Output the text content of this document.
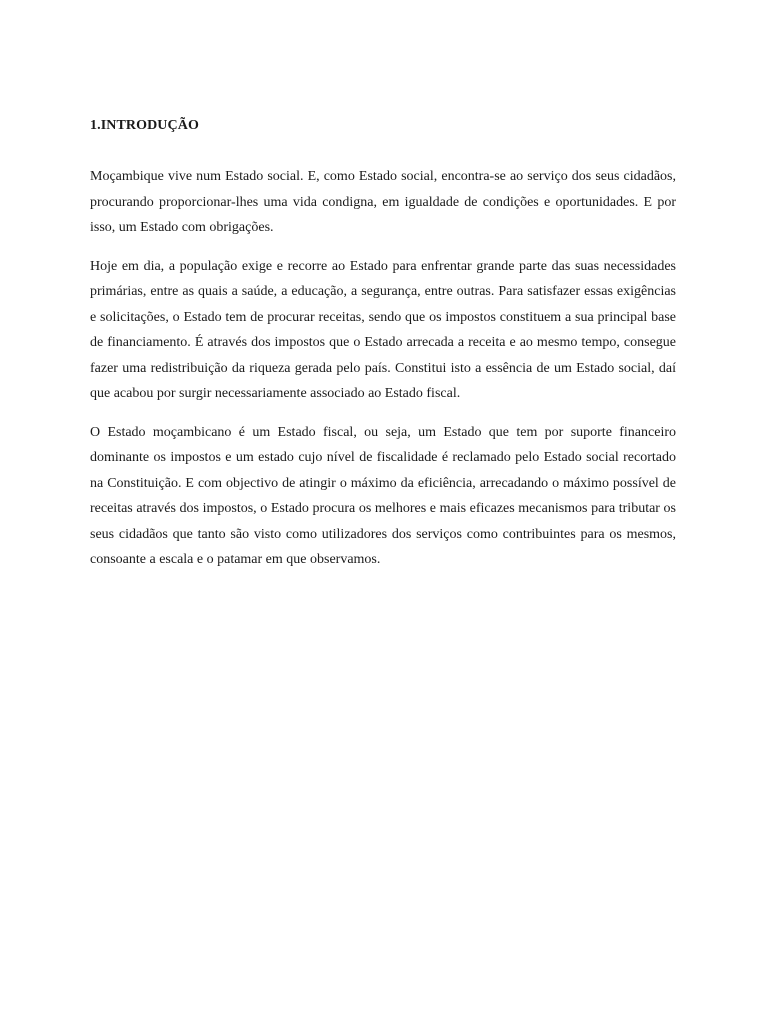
1.INTRODUÇÃO

Moçambique vive num Estado social. E, como Estado social, encontra-se ao serviço dos seus cidadãos, procurando proporcionar-lhes uma vida condigna, em igualdade de condições e oportunidades. E por isso, um Estado com obrigações.

Hoje em dia, a população exige e recorre ao Estado para enfrentar grande parte das suas necessidades primárias, entre as quais a saúde, a educação, a segurança, entre outras. Para satisfazer essas exigências e solicitações, o Estado tem de procurar receitas, sendo que os impostos constituem a sua principal base de financiamento. É através dos impostos que o Estado arrecada a receita e ao mesmo tempo, consegue fazer uma redistribuição da riqueza gerada pelo país. Constitui isto a essência de um Estado social, daí que acabou por surgir necessariamente associado ao Estado fiscal.

O Estado moçambicano é um Estado fiscal, ou seja, um Estado que tem por suporte financeiro dominante os impostos e um estado cujo nível de fiscalidade é reclamado pelo Estado social recortado na Constituição. E com objectivo de atingir o máximo da eficiência, arrecadando o máximo possível de receitas através dos impostos, o Estado procura os melhores e mais eficazes mecanismos para tributar os seus cidadãos que tanto são visto como utilizadores dos serviços como contribuintes para os mesmos, consoante a escala e o patamar em que observamos.
